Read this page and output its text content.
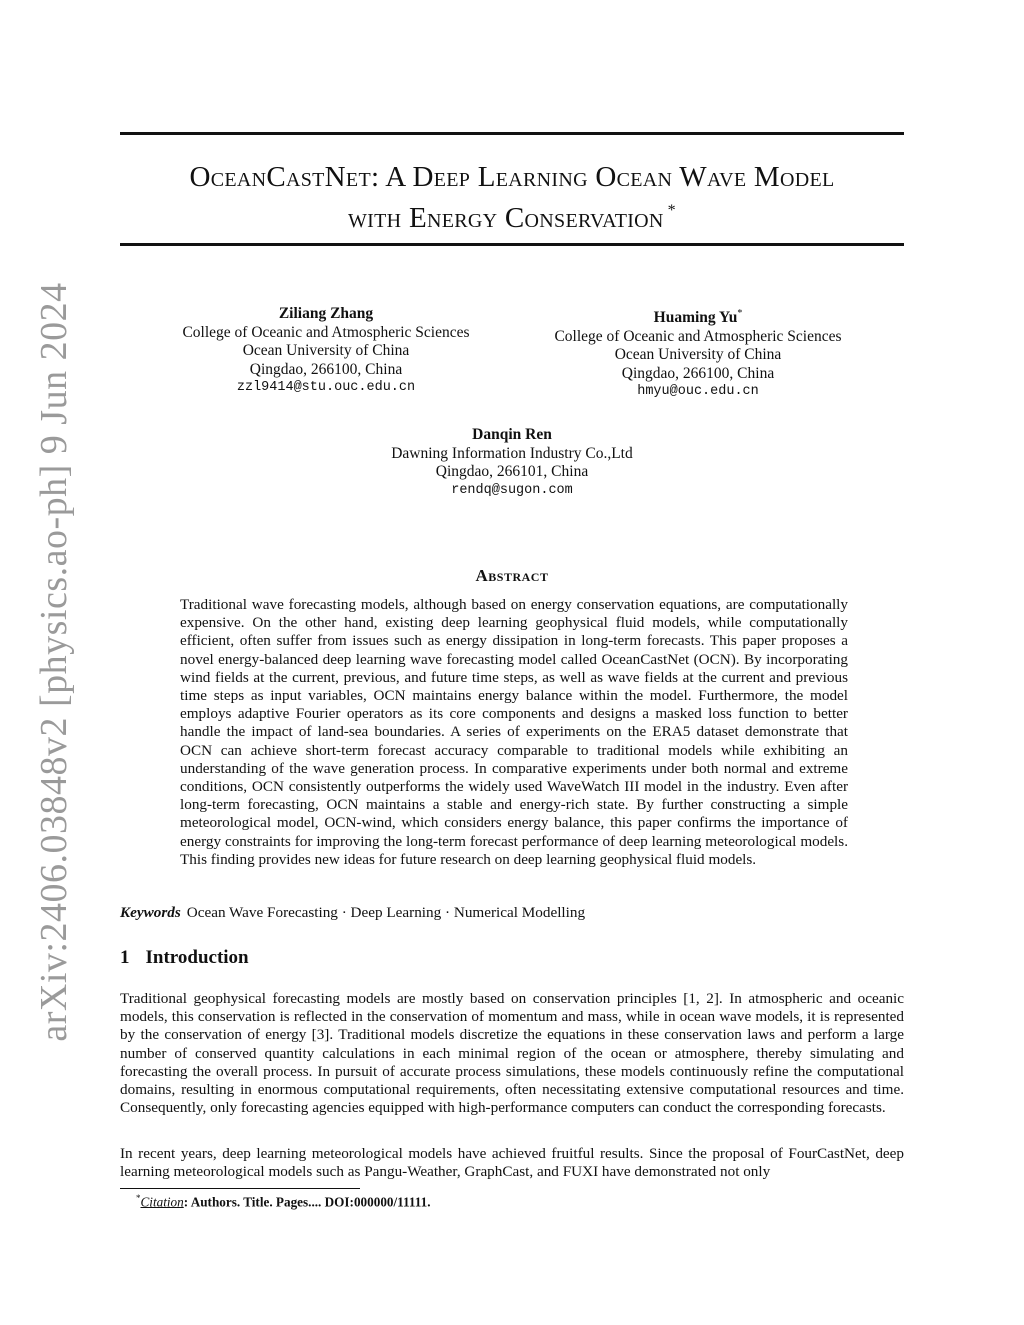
arXiv:2406.03848v2 [physics.ao-ph] 9 Jun 2024
OceanCastNet: A Deep Learning Ocean Wave Model
with Energy Conservation *
Ziliang Zhang
College of Oceanic and Atmospheric Sciences
Ocean University of China
Qingdao, 266100, China
zzl9414@stu.ouc.edu.cn
Huaming Yu*
College of Oceanic and Atmospheric Sciences
Ocean University of China
Qingdao, 266100, China
hmyu@ouc.edu.cn
Danqin Ren
Dawning Information Industry Co.,Ltd
Qingdao, 266101, China
rendq@sugon.com
Abstract
Traditional wave forecasting models, although based on energy conservation equations, are computationally expensive. On the other hand, existing deep learning geophysical fluid models, while computationally efficient, often suffer from issues such as energy dissipation in long-term forecasts. This paper proposes a novel energy-balanced deep learning wave forecasting model called OceanCastNet (OCN). By incorporating wind fields at the current, previous, and future time steps, as well as wave fields at the current and previous time steps as input variables, OCN maintains energy balance within the model. Furthermore, the model employs adaptive Fourier operators as its core components and designs a masked loss function to better handle the impact of land-sea boundaries. A series of experiments on the ERA5 dataset demonstrate that OCN can achieve short-term forecast accuracy comparable to traditional models while exhibiting an understanding of the wave generation process. In comparative experiments under both normal and extreme conditions, OCN consistently outperforms the widely used WaveWatch III model in the industry. Even after long-term forecasting, OCN maintains a stable and energy-rich state. By further constructing a simple meteorological model, OCN-wind, which considers energy balance, this paper confirms the importance of energy constraints for improving the long-term forecast performance of deep learning meteorological models. This finding provides new ideas for future research on deep learning geophysical fluid models.
Keywords Ocean Wave Forecasting · Deep Learning · Numerical Modelling
1 Introduction
Traditional geophysical forecasting models are mostly based on conservation principles [1, 2]. In atmospheric and oceanic models, this conservation is reflected in the conservation of momentum and mass, while in ocean wave models, it is represented by the conservation of energy [3]. Traditional models discretize the equations in these conservation laws and perform a large number of conserved quantity calculations in each minimal region of the ocean or atmosphere, thereby simulating and forecasting the overall process. In pursuit of accurate process simulations, these models continuously refine the computational domains, resulting in enormous computational requirements, often necessitating extensive computational resources and time. Consequently, only forecasting agencies equipped with high-performance computers can conduct the corresponding forecasts.
In recent years, deep learning meteorological models have achieved fruitful results. Since the proposal of FourCastNet, deep learning meteorological models such as Pangu-Weather, GraphCast, and FUXI have demonstrated not only
*Citation: Authors. Title. Pages.... DOI:000000/11111.
